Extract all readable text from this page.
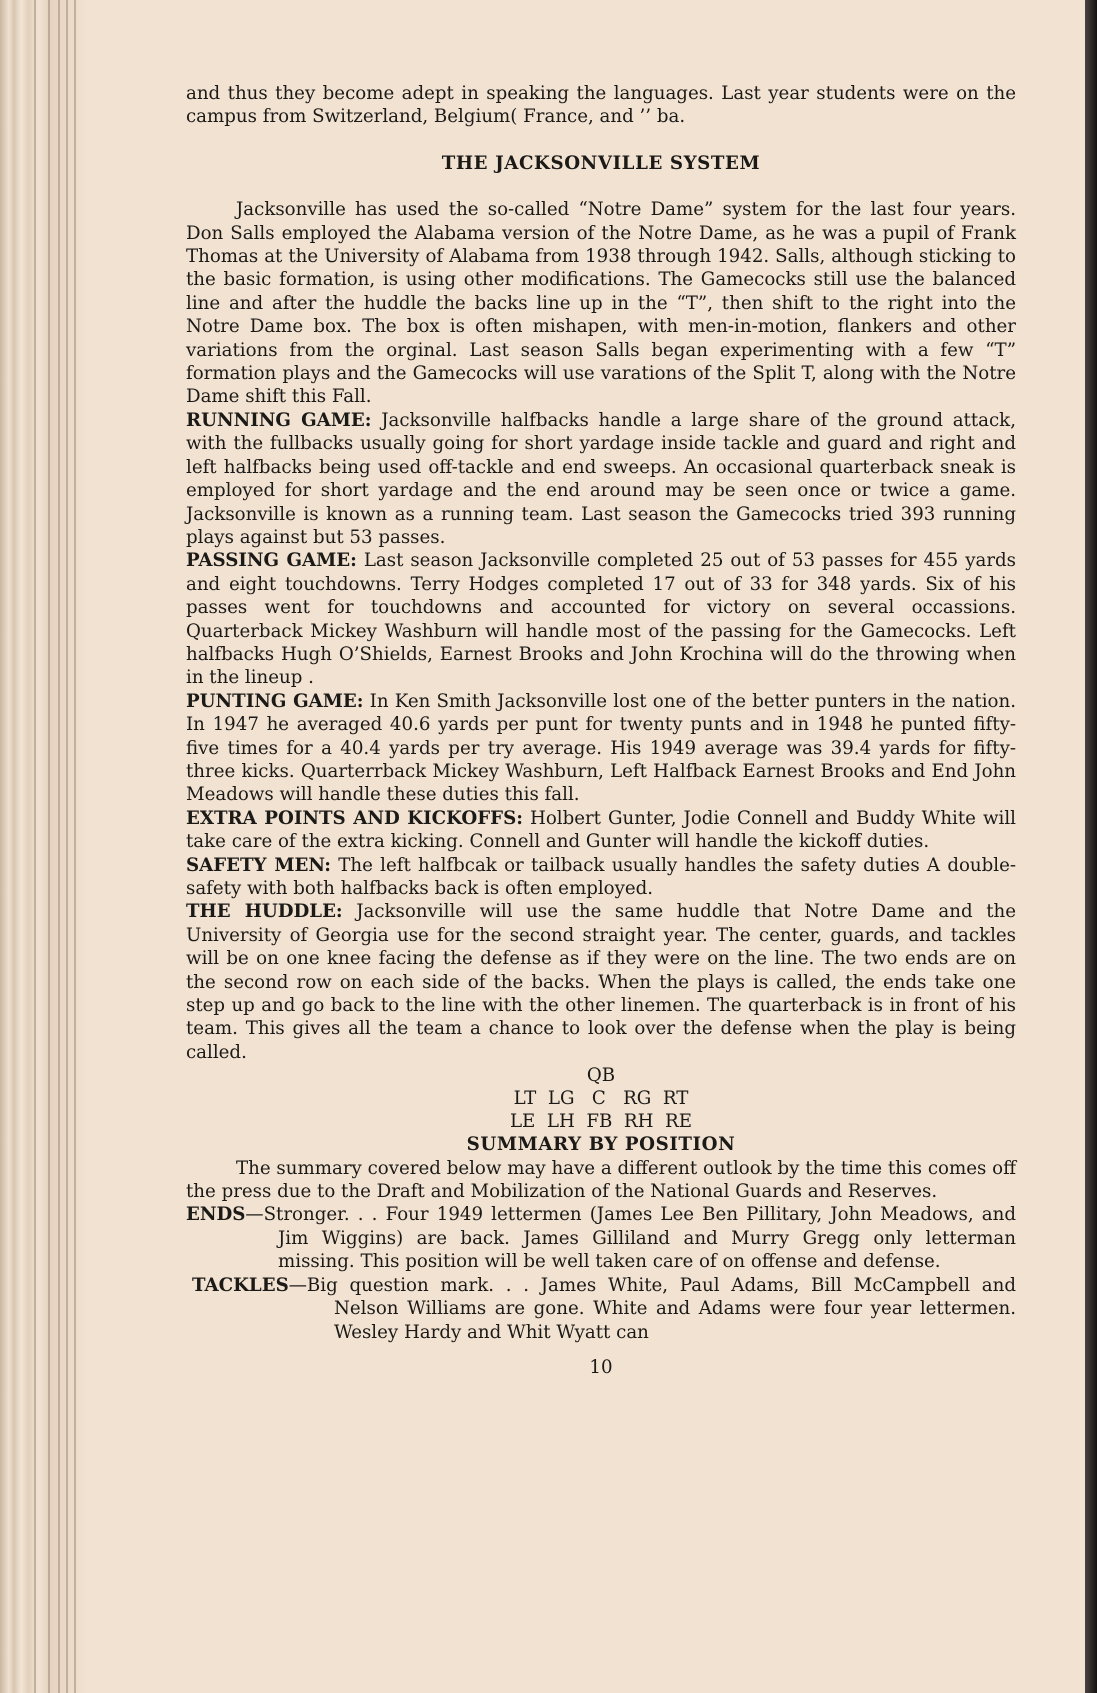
and thus they become adept in speaking the languages. Last year students were on the campus from Switzerland, Belgium( France, and ’’ ba.

THE JACKSONVILLE SYSTEM

Jacksonville has used the so-called “Notre Dame” system for the last four years. Don Salls employed the Alabama version of the Notre Dame, as he was a pupil of Frank Thomas at the University of Alabama from 1938 through 1942. Salls, although sticking to the basic formation, is using other modifications. The Gamecocks still use the balanced line and after the huddle the backs line up in the “T”, then shift to the right into the Notre Dame box. The box is often mishapen, with men-in-motion, flankers and other variations from the orginal. Last season Salls began experimenting with a few “T” formation plays and the Gamecocks will use varations of the Split T, along with the Notre Dame shift this Fall.

RUNNING GAME: Jacksonville halfbacks handle a large share of the ground attack, with the fullbacks usually going for short yardage inside tackle and guard and right and left halfbacks being used off-tackle and end sweeps. An occasional quarterback sneak is employed for short yardage and the end around may be seen once or twice a game. Jacksonville is known as a running team. Last season the Gamecocks tried 393 running plays against but 53 passes.

PASSING GAME: Last season Jacksonville completed 25 out of 53 passes for 455 yards and eight touchdowns. Terry Hodges completed 17 out of 33 for 348 yards. Six of his passes went for touchdowns and accounted for victory on several occassions. Quarterback Mickey Washburn will handle most of the passing for the Gamecocks. Left halfbacks Hugh O’Shields, Earnest Brooks and John Krochina will do the throwing when in the lineup .

PUNTING GAME: In Ken Smith Jacksonville lost one of the better punters in the nation. In 1947 he averaged 40.6 yards per punt for twenty punts and in 1948 he punted fifty-five times for a 40.4 yards per try average. His 1949 average was 39.4 yards for fifty-three kicks. Quarterrback Mickey Washburn, Left Halfback Earnest Brooks and End John Meadows will handle these duties this fall.

EXTRA POINTS AND KICKOFFS: Holbert Gunter, Jodie Connell and Buddy White will take care of the extra kicking. Connell and Gunter will handle the kickoff duties.

SAFETY MEN: The left halfbcak or tailback usually handles the safety duties A double-safety with both halfbacks back is often employed.

THE HUDDLE: Jacksonville will use the same huddle that Notre Dame and the University of Georgia use for the second straight year. The center, guards, and tackles will be on one knee facing the defense as if they were on the line. The two ends are on the second row on each side of the backs. When the plays is called, the ends take one step up and go back to the line with the other linemen. The quarterback is in front of his team. This gives all the team a chance to look over the defense when the play is being called.

QB
LT  LG   C   RG  RT
LE  LH  FB  RH  RE
SUMMARY BY POSITION

The summary covered below may have a different outlook by the time this comes off the press due to the Draft and Mobilization of the National Guards and Reserves.

ENDS—Stronger. . . Four 1949 lettermen (James Lee Ben Pillitary, John Meadows, and Jim Wiggins) are back. James Gilliland and Murry Gregg only letterman missing. This position will be well taken care of on offense and defense.

TACKLES—Big question mark. . . James White, Paul Adams, Bill McCampbell and Nelson Williams are gone. White and Adams were four year lettermen. Wesley Hardy and Whit Wyatt can

10
